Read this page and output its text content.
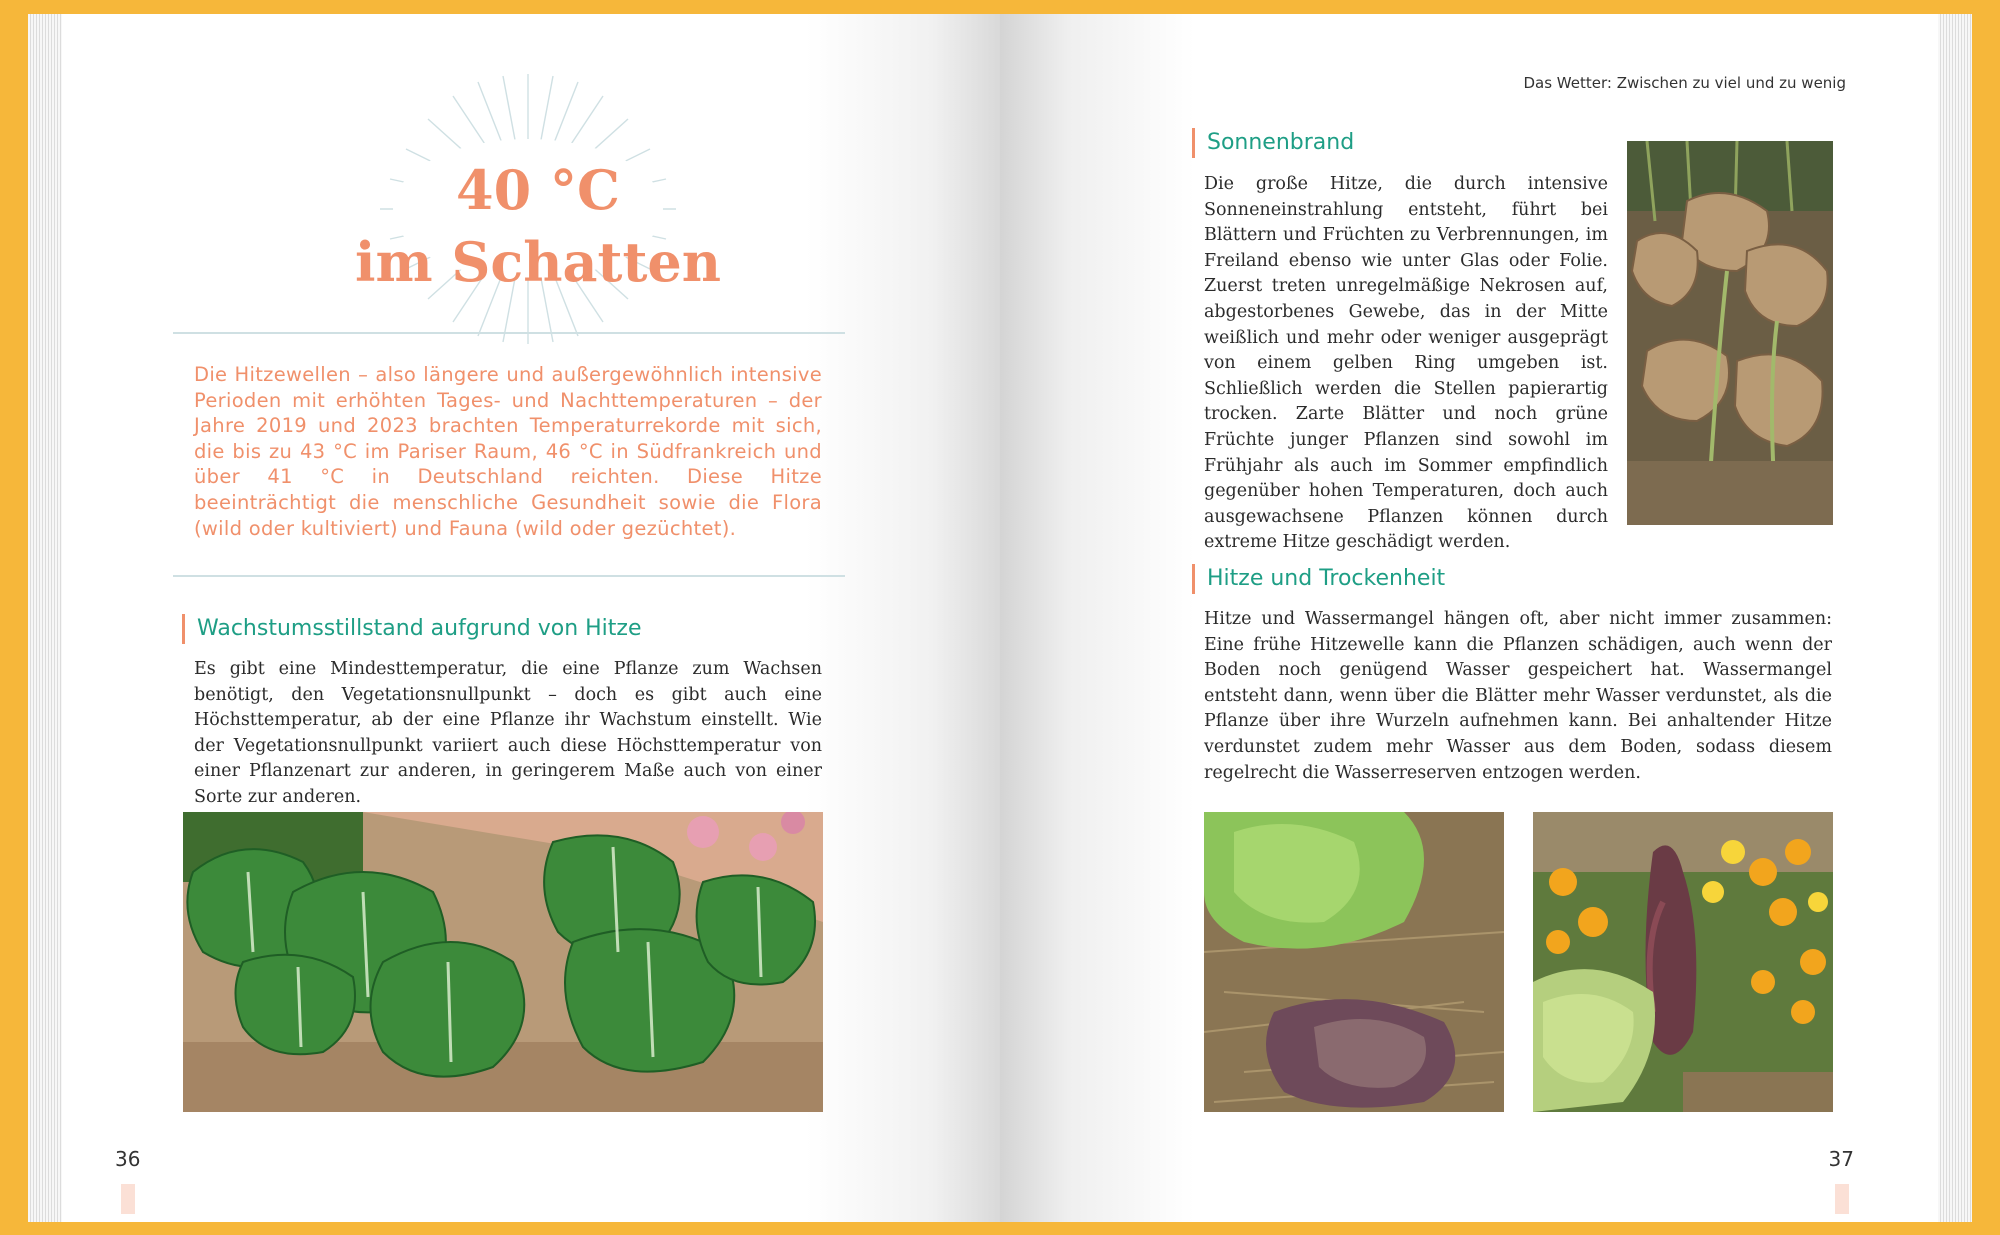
40 °C
im Schatten
Die Hitzewellen – also längere und außergewöhnlich intensive Perioden mit erhöhten Tages- und Nachttemperaturen – der Jahre 2019 und 2023 brachten Temperaturrekorde mit sich, die bis zu 43 °C im Pariser Raum, 46 °C in Südfrankreich und über 41 °C in Deutschland reichten. Diese Hitze beeinträchtigt die menschliche Gesundheit sowie die Flora (wild oder kultiviert) und Fauna (wild oder gezüchtet).
Wachstumsstillstand aufgrund von Hitze
Es gibt eine Mindesttemperatur, die eine Pflanze zum Wachsen benötigt, den Vegetationsnullpunkt – doch es gibt auch eine Höchsttemperatur, ab der eine Pflanze ihr Wachstum einstellt. Wie der Vegetationsnullpunkt variiert auch diese Höchsttemperatur von einer Pflanzenart zur anderen, in geringerem Maße auch von einer Sorte zur anderen.
36
Das Wetter: Zwischen zu viel und zu wenig
Sonnenbrand
Die große Hitze, die durch intensive Sonneneinstrahlung entsteht, führt bei Blättern und Früchten zu Verbrennungen, im Freiland ebenso wie unter Glas oder Folie. Zuerst treten unregelmäßige Nekrosen auf, abgestorbenes Gewebe, das in der Mitte weißlich und mehr oder weniger ausgeprägt von einem gelben Ring umgeben ist. Schließlich werden die Stellen papierartig trocken. Zarte Blätter und noch grüne Früchte junger Pflanzen sind sowohl im Frühjahr als auch im Sommer empfindlich gegenüber hohen Temperaturen, doch auch ausgewachsene Pflanzen können durch extreme Hitze geschädigt werden.
Hitze und Trockenheit
Hitze und Wassermangel hängen oft, aber nicht immer zusammen: Eine frühe Hitzewelle kann die Pflanzen schädigen, auch wenn der Boden noch genügend Wasser gespeichert hat. Wassermangel entsteht dann, wenn über die Blätter mehr Wasser verdunstet, als die Pflanze über ihre Wurzeln aufnehmen kann. Bei anhaltender Hitze verdunstet zudem mehr Wasser aus dem Boden, sodass diesem regelrecht die Wasserreserven entzogen werden.
37
